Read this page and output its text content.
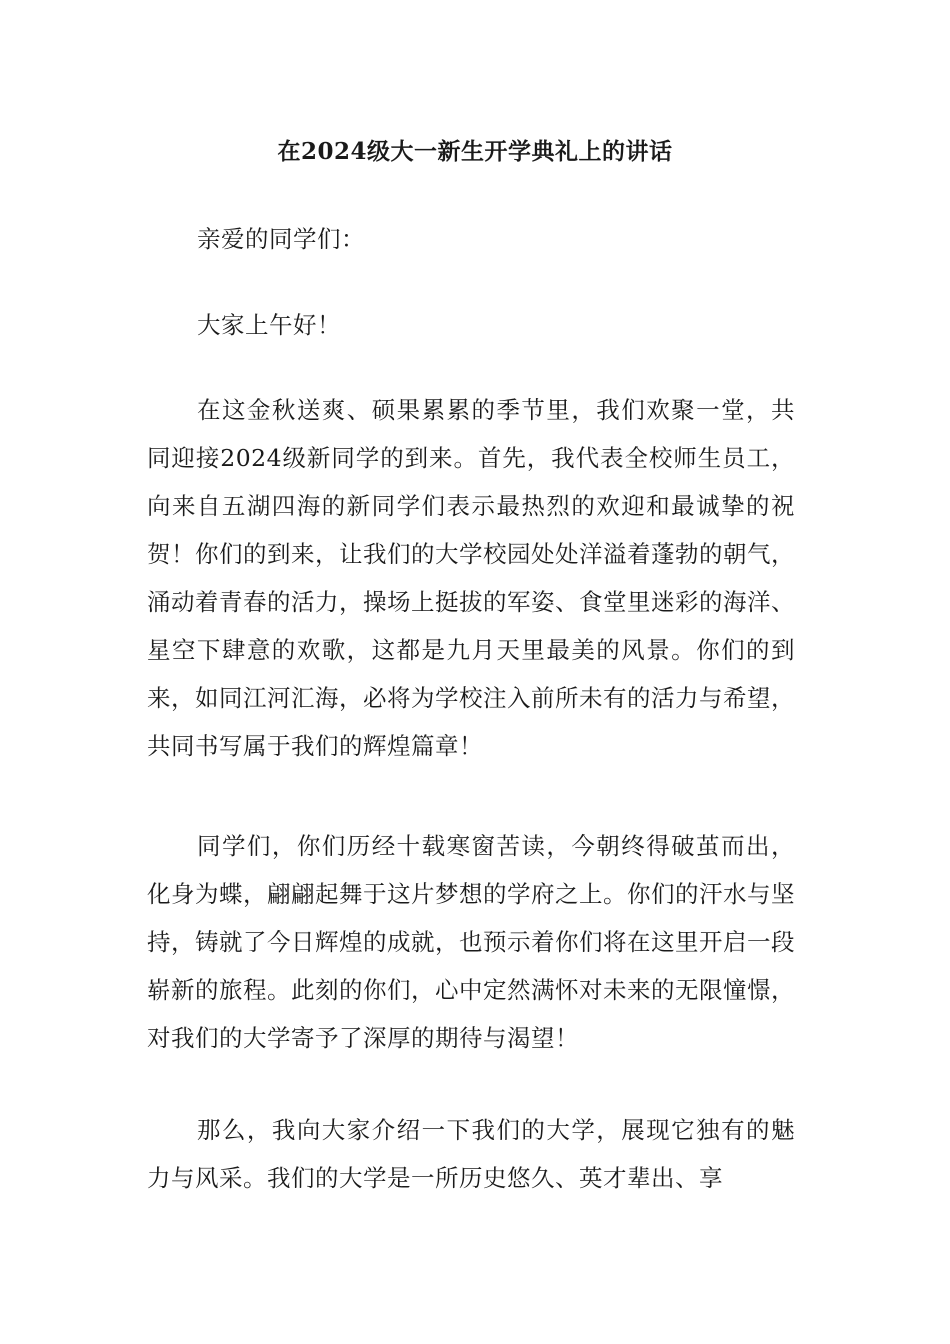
在2024级大一新生开学典礼上的讲话

亲爱的同学们：

大家上午好！

在这金秋送爽、硕果累累的季节里，我们欢聚一堂，共同迎接2024级新同学的到来。首先，我代表全校师生员工，向来自五湖四海的新同学们表示最热烈的欢迎和最诚挚的祝贺！你们的到来，让我们的大学校园处处洋溢着蓬勃的朝气，涌动着青春的活力，操场上挺拔的军姿、食堂里迷彩的海洋、星空下肆意的欢歌，这都是九月天里最美的风景。你们的到来，如同江河汇海，必将为学校注入前所未有的活力与希望，共同书写属于我们的辉煌篇章！

同学们，你们历经十载寒窗苦读，今朝终得破茧而出，化身为蝶，翩翩起舞于这片梦想的学府之上。你们的汗水与坚持，铸就了今日辉煌的成就，也预示着你们将在这里开启一段崭新的旅程。此刻的你们，心中定然满怀对未来的无限憧憬，对我们的大学寄予了深厚的期待与渴望！

那么，我向大家介绍一下我们的大学，展现它独有的魅力与风采。我们的大学是一所历史悠久、英才辈出、享
